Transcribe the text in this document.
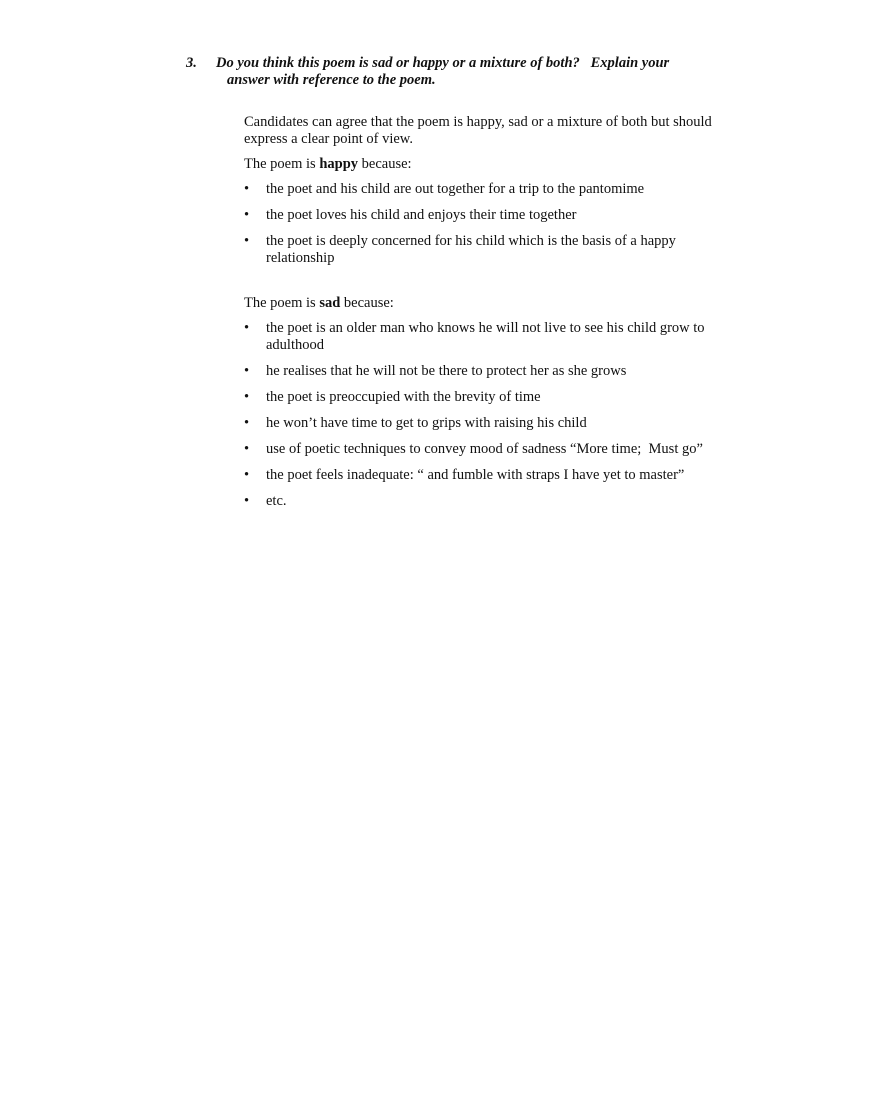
3. Do you think this poem is sad or happy or a mixture of both?   Explain your
answer with reference to the poem.

Candidates can agree that the poem is happy, sad or a mixture of both but should express a clear point of view.

The poem is happy because:

• the poet and his child are out together for a trip to the pantomime
• the poet loves his child and enjoys their time together
• the poet is deeply concerned for his child which is the basis of a happy relationship

The poem is sad because:

• the poet is an older man who knows he will not live to see his child grow to adulthood
• he realises that he will not be there to protect her as she grows
• the poet is preoccupied with the brevity of time
• he won’t have time to get to grips with raising his child
• use of poetic techniques to convey mood of sadness “More time;  Must go”
• the poet feels inadequate: “ and fumble with straps I have yet to master”
• etc.
